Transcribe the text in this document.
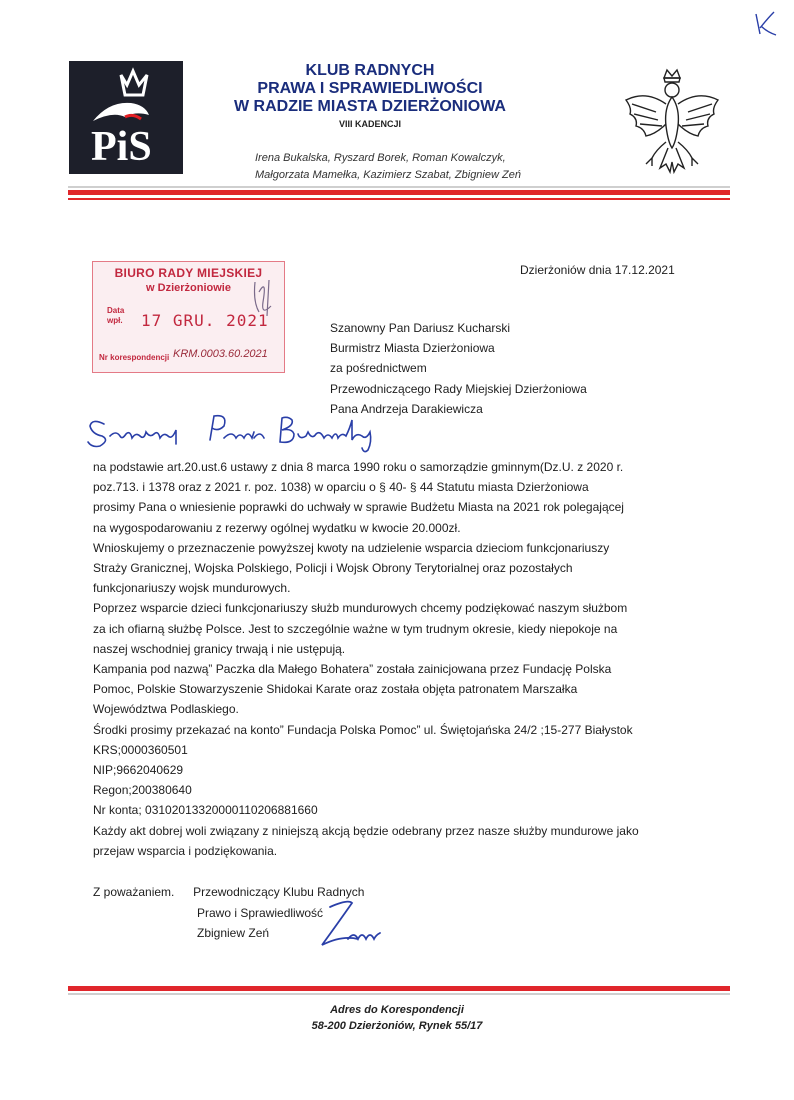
PiS
KLUB RADNYCH
PRAWA I SPRAWIEDLIWOŚCI
W RADZIE MIASTA DZIERŻONIOWA
VIII KADENCJI
Irena Bukalska, Ryszard Borek, Roman Kowalczyk,
Małgorzata Mamełka, Kazimierz Szabat, Zbigniew Zeń
BIURO RADY MIEJSKIEJ
w Dzierżoniowie
Data
wpł. 17 GRU. 2021
Nr korespondencji KRM.0003.60.2021
Dzierżoniów dnia 17.12.2021
Szanowny Pan Dariusz Kucharski
Burmistrz Miasta Dzierżoniowa
za pośrednictwem
Przewodniczącego Rady Miejskiej Dzierżoniowa
Pana Andrzeja Darakiewicza
na podstawie art.20.ust.6 ustawy z dnia 8 marca 1990 roku o samorządzie gminnym(Dz.U. z 2020 r.
poz.713. i 1378 oraz z 2021 r. poz. 1038) w oparciu o § 40- § 44 Statutu miasta Dzierżoniowa
prosimy Pana o wniesienie poprawki do uchwały w sprawie Budżetu Miasta na 2021 rok polegającej
na wygospodarowaniu z rezerwy ogólnej wydatku w kwocie 20.000zł.
Wnioskujemy o przeznaczenie powyższej kwoty na udzielenie wsparcia dzieciom funkcjonariuszy
Straży Granicznej, Wojska Polskiego, Policji i Wojsk Obrony Terytorialnej oraz pozostałych
funkcjonariuszy wojsk mundurowych.
Poprzez wsparcie dzieci funkcjonariuszy służb mundurowych chcemy podziękować naszym służbom
za ich ofiarną służbę Polsce. Jest to szczególnie ważne w tym trudnym okresie, kiedy niepokoje na
naszej wschodniej granicy trwają i nie ustępują.
Kampania pod nazwą” Paczka dla Małego Bohatera” została zainicjowana przez Fundację Polska
Pomoc, Polskie Stowarzyszenie Shidokai Karate oraz została objęta patronatem Marszałka
Województwa Podlaskiego.
Środki prosimy przekazać na konto” Fundacja Polska Pomoc” ul. Świętojańska 24/2 ;15-277 Białystok
KRS;0000360501
NIP;9662040629
Regon;200380640
Nr konta; 03102013320000110206881660
Każdy akt dobrej woli związany z niniejszą akcją będzie odebrany przez nasze służby mundurowe jako
przejaw wsparcia i podziękowania.
Z poważaniem. Przewodniczący Klubu Radnych
Prawo i Sprawiedliwość
Zbigniew Zeń
Adres do Korespondencji
58-200 Dzierżoniów, Rynek 55/17
